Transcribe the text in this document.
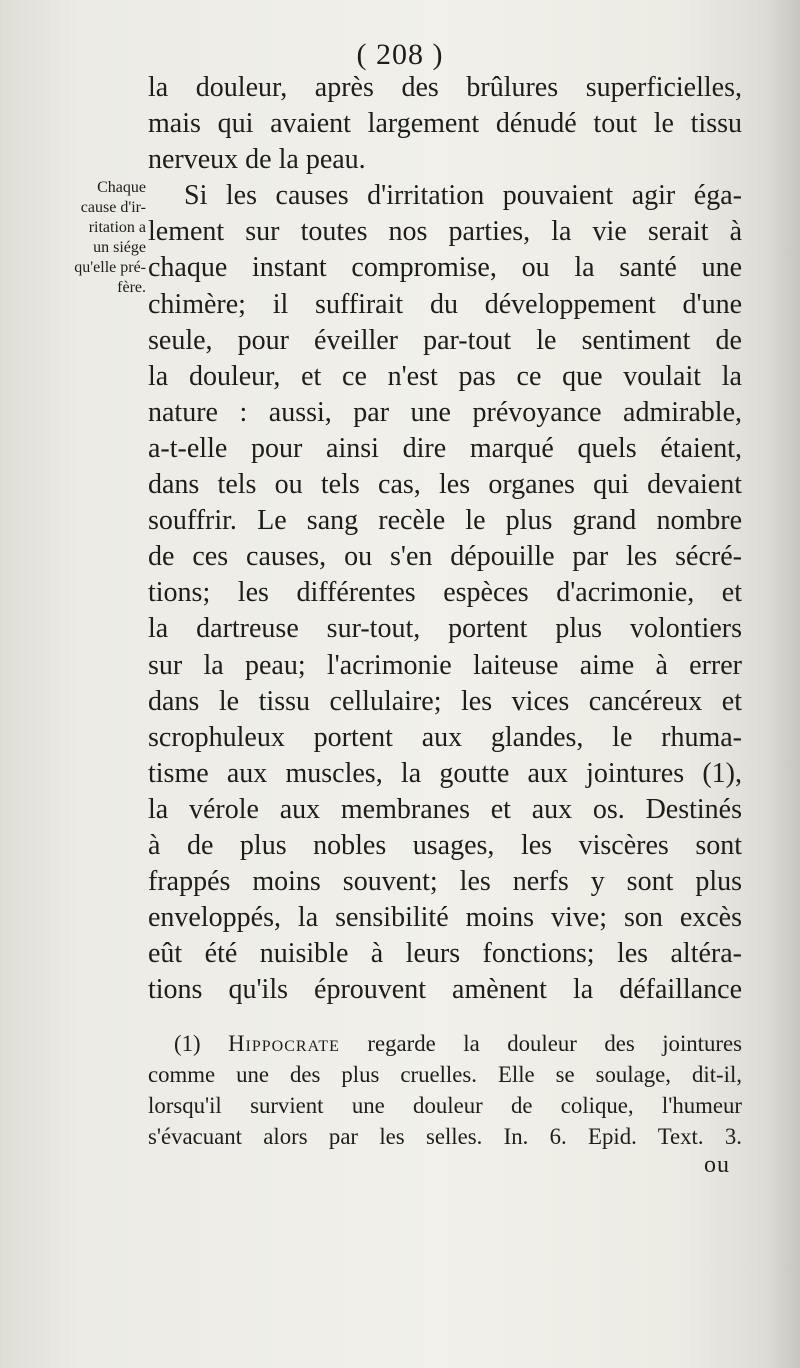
( 208 )
Chaque
cause d'ir-
ritation a
un siége
qu'elle pré-
fère.
la douleur, après des brûlures superficielles,
mais qui avaient largement dénudé tout le tissu
nerveux de la peau.
Si les causes d'irritation pouvaient agir éga-
lement sur toutes nos parties, la vie serait à
chaque instant compromise, ou la santé une
chimère; il suffirait du développement d'une
seule, pour éveiller par-tout le sentiment de
la douleur, et ce n'est pas ce que voulait la
nature : aussi, par une prévoyance admirable,
a-t-elle pour ainsi dire marqué quels étaient,
dans tels ou tels cas, les organes qui devaient
souffrir. Le sang recèle le plus grand nombre
de ces causes, ou s'en dépouille par les sécré-
tions; les différentes espèces d'acrimonie, et
la dartreuse sur-tout, portent plus volontiers
sur la peau; l'acrimonie laiteuse aime à errer
dans le tissu cellulaire; les vices cancéreux et
scrophuleux portent aux glandes, le rhuma-
tisme aux muscles, la goutte aux jointures (1),
la vérole aux membranes et aux os. Destinés
à de plus nobles usages, les viscères sont
frappés moins souvent; les nerfs y sont plus
enveloppés, la sensibilité moins vive; son excès
eût été nuisible à leurs fonctions; les altéra-
tions qu'ils éprouvent amènent la défaillance
(1) Hippocrate regarde la douleur des jointures
comme une des plus cruelles. Elle se soulage, dit-il,
lorsqu'il survient une douleur de colique, l'humeur
s'évacuant alors par les selles. In. 6. Epid. Text. 3.
ou
